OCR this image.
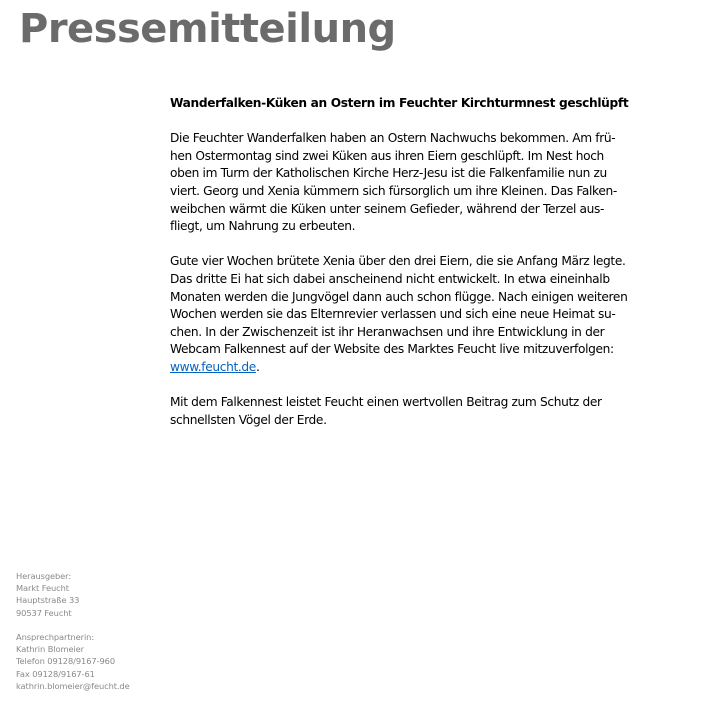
Pressemitteilung

Wanderfalken-Küken an Ostern im Feuchter Kirchturmnest geschlüpft

Die Feuchter Wanderfalken haben an Ostern Nachwuchs bekommen. Am frü-
hen Ostermontag sind zwei Küken aus ihren Eiern geschlüpft. Im Nest hoch
oben im Turm der Katholischen Kirche Herz-Jesu ist die Falkenfamilie nun zu
viert. Georg und Xenia kümmern sich fürsorglich um ihre Kleinen. Das Falken-
weibchen wärmt die Küken unter seinem Gefieder, während der Terzel aus-
fliegt, um Nahrung zu erbeuten.
Gute vier Wochen brütete Xenia über den drei Eiern, die sie Anfang März legte.
Das dritte Ei hat sich dabei anscheinend nicht entwickelt. In etwa eineinhalb
Monaten werden die Jungvögel dann auch schon flügge. Nach einigen weiteren
Wochen werden sie das Elternrevier verlassen und sich eine neue Heimat su-
chen. In der Zwischenzeit ist ihr Heranwachsen und ihre Entwicklung in der
Webcam Falkennest auf der Website des Marktes Feucht live mitzuverfolgen:
www.feucht.de.
Mit dem Falkennest leistet Feucht einen wertvollen Beitrag zum Schutz der
schnellsten Vögel der Erde.
Herausgeber:
Markt Feucht
Hauptstraße 33
90537 Feucht
Ansprechpartnerin:
Kathrin Blomeier
Telefon 09128/9167-960
Fax 09128/9167-61
kathrin.blomeier@feucht.de
